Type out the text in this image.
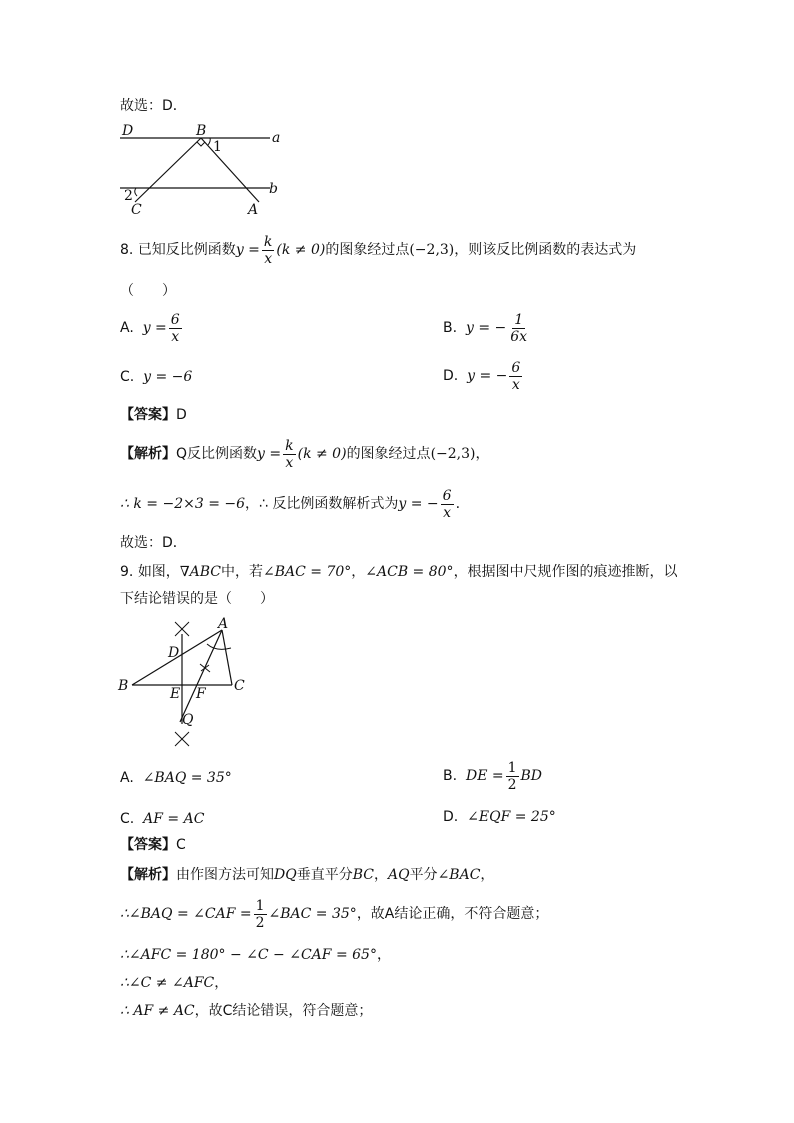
故选：D．
D	B	a
1
2
C	A
b
8. 已知反比例函数$y = \frac{k}{x} (k \ne 0)$的图象经过点(−2,3)，则该反比例函数的表达式为
（　　）
A. $y = \frac{6}{x}$	B. y = − $\frac{1}{6x}$
C. y = −6	D. y = − $\frac{6}{x}$
【答案】D
【解析】Q反比例函数$y = \frac{k}{x} (k \ne 0)$的图象经过点(−2,3)，
∴ k = −2×3 = −6，∴ 反比例函数解析式为y = − $\frac{6}{x}$ .
故选：D．
9. 如图，∇ABC中，若∠BAC = 70°，∠ACB = 80°，根据图中尺规作图的痕迹推断，以
下结论错误的是（　　）
A
B	C
D
E F
Q
A. ∠BAQ = 35°	B. DE = $\frac{1}{2}$ BD
C. AF = AC	D. ∠EQF = 25°
【答案】C
【解析】由作图方法可知DQ垂直平分BC，AQ平分∠BAC，
∴∠BAQ = ∠CAF = $\frac{1}{2}$ ∠BAC = 35°，故A结论正确，不符合题意；
∴∠AFC = 180° − ∠C − ∠CAF = 65°，
∴∠C ≠ ∠AFC，
∴ AF ≠ AC，故C结论错误，符合题意；
